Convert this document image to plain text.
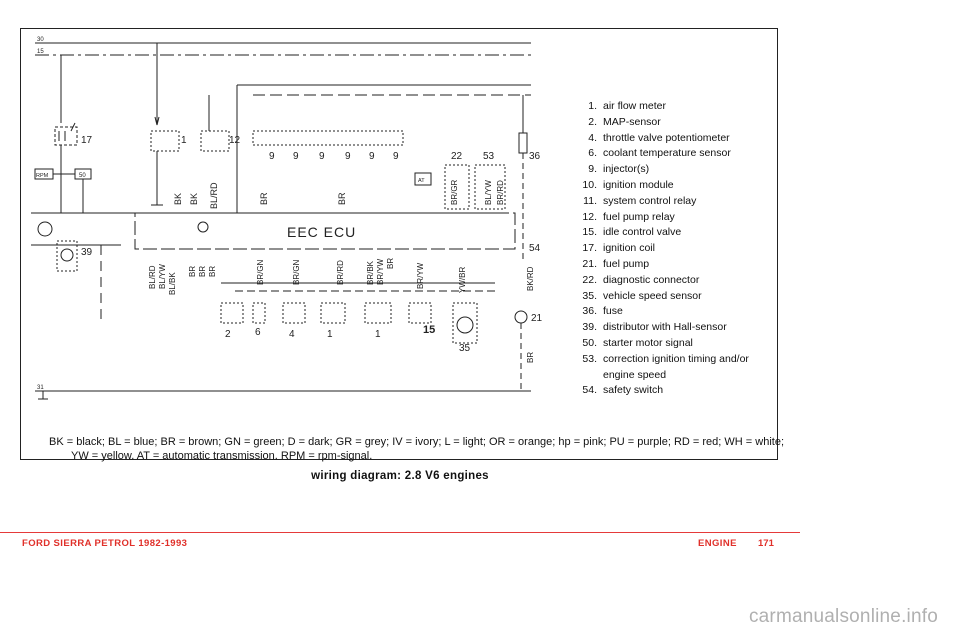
30
15
31
17
RPM	50
39
1	12
BK BK BL/RD
EEC ECU
9 9 9 9 9 9
BR	BR
AT
22 53
BR/GR	BR/RD
BL/YW
36
54
BK/RD
21
BR
BL/BK
BL/YW
BL/RD	BR BR BR	BR/GN	BR/GN	BR/RD	BR/BK BR/YW BR	BR/YW	YW/BR
2 6	4	1	1	15
35
1. air flow meter
2. MAP-sensor
4. throttle valve potentiometer
6. coolant temperature sensor
9. injector(s)
10. ignition module
11. system control relay
12. fuel pump relay
15. idle control valve
17. ignition coil
21. fuel pump
22. diagnostic connector
35. vehicle speed sensor
36. fuse
39. distributor with Hall-sensor
50. starter motor signal
53. correction ignition timing and/or
engine speed
54. safety switch
BK = black; BL = blue; BR = brown; GN = green; D = dark; GR = grey; IV = ivory; L = light; OR = orange; hp = pink; PU = purple; RD = red; WH = white;
YW = yellow. AT = automatic transmission. RPM = rpm-signal.
wiring diagram: 2.8 V6 engines
FORD SIERRA PETROL 1982-1993	ENGINE 171
carmanualsonline.info
